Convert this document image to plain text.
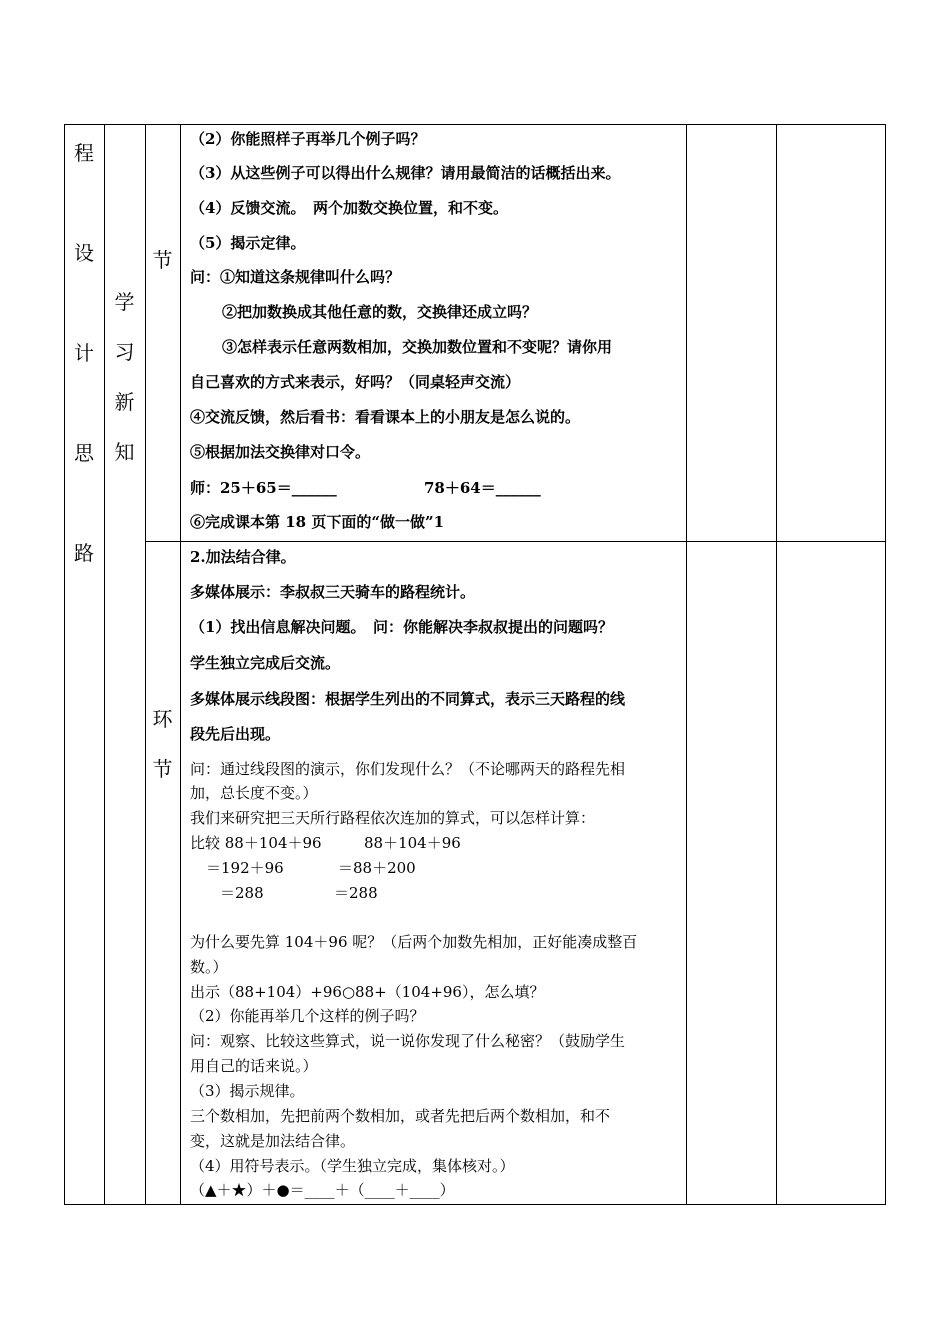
程
设
计
思
路
学
习
新
知
节
环
节
（2）你能照样子再举几个例子吗？
（3）从这些例子可以得出什么规律？请用最简洁的话概括出来。
（4）反馈交流。　两个加数交换位置，和不变。
（5）揭示定律。
问：①知道这条规律叫什么吗？
②把加数换成其他任意的数，交换律还成立吗？
③怎样表示任意两数相加，交换加数位置和不变呢？请你用
自己喜欢的方式来表示，好吗？（同桌轻声交流）
④交流反馈，然后看书：看看课本上的小朋友是怎么说的。
⑤根据加法交换律对口令。
师：25＋65＝______	78＋64＝______
⑥完成课本第 18 页下面的“做一做”1
2.加法结合律。
多媒体展示：李叔叔三天骑车的路程统计。
（1）找出信息解决问题。　问：你能解决李叔叔提出的问题吗？
学生独立完成后交流。
多媒体展示线段图：根据学生列出的不同算式，表示三天路程的线
段先后出现。
问：通过线段图的演示，你们发现什么？（不论哪两天的路程先相
加，总长度不变。）
我们来研究把三天所行路程依次连加的算式，可以怎样计算：
比较 88＋104＋96	88＋104＋96
＝192＋96	＝88＋200
＝288	＝288
为什么要先算 104＋96 呢？（后两个加数先相加，正好能凑成整百
数。）
出示（88+104）+96○88+（104+96），怎么填？
（2）你能再举几个这样的例子吗？
问：观察、比较这些算式，说一说你发现了什么秘密？（鼓励学生
用自己的话来说。）
（3）揭示规律。
三个数相加，先把前两个数相加，或者先把后两个数相加，和不
变，这就是加法结合律。
（4）用符号表示。（学生独立完成，集体核对。）
（▲＋★）＋●＝____＋（____＋____）
